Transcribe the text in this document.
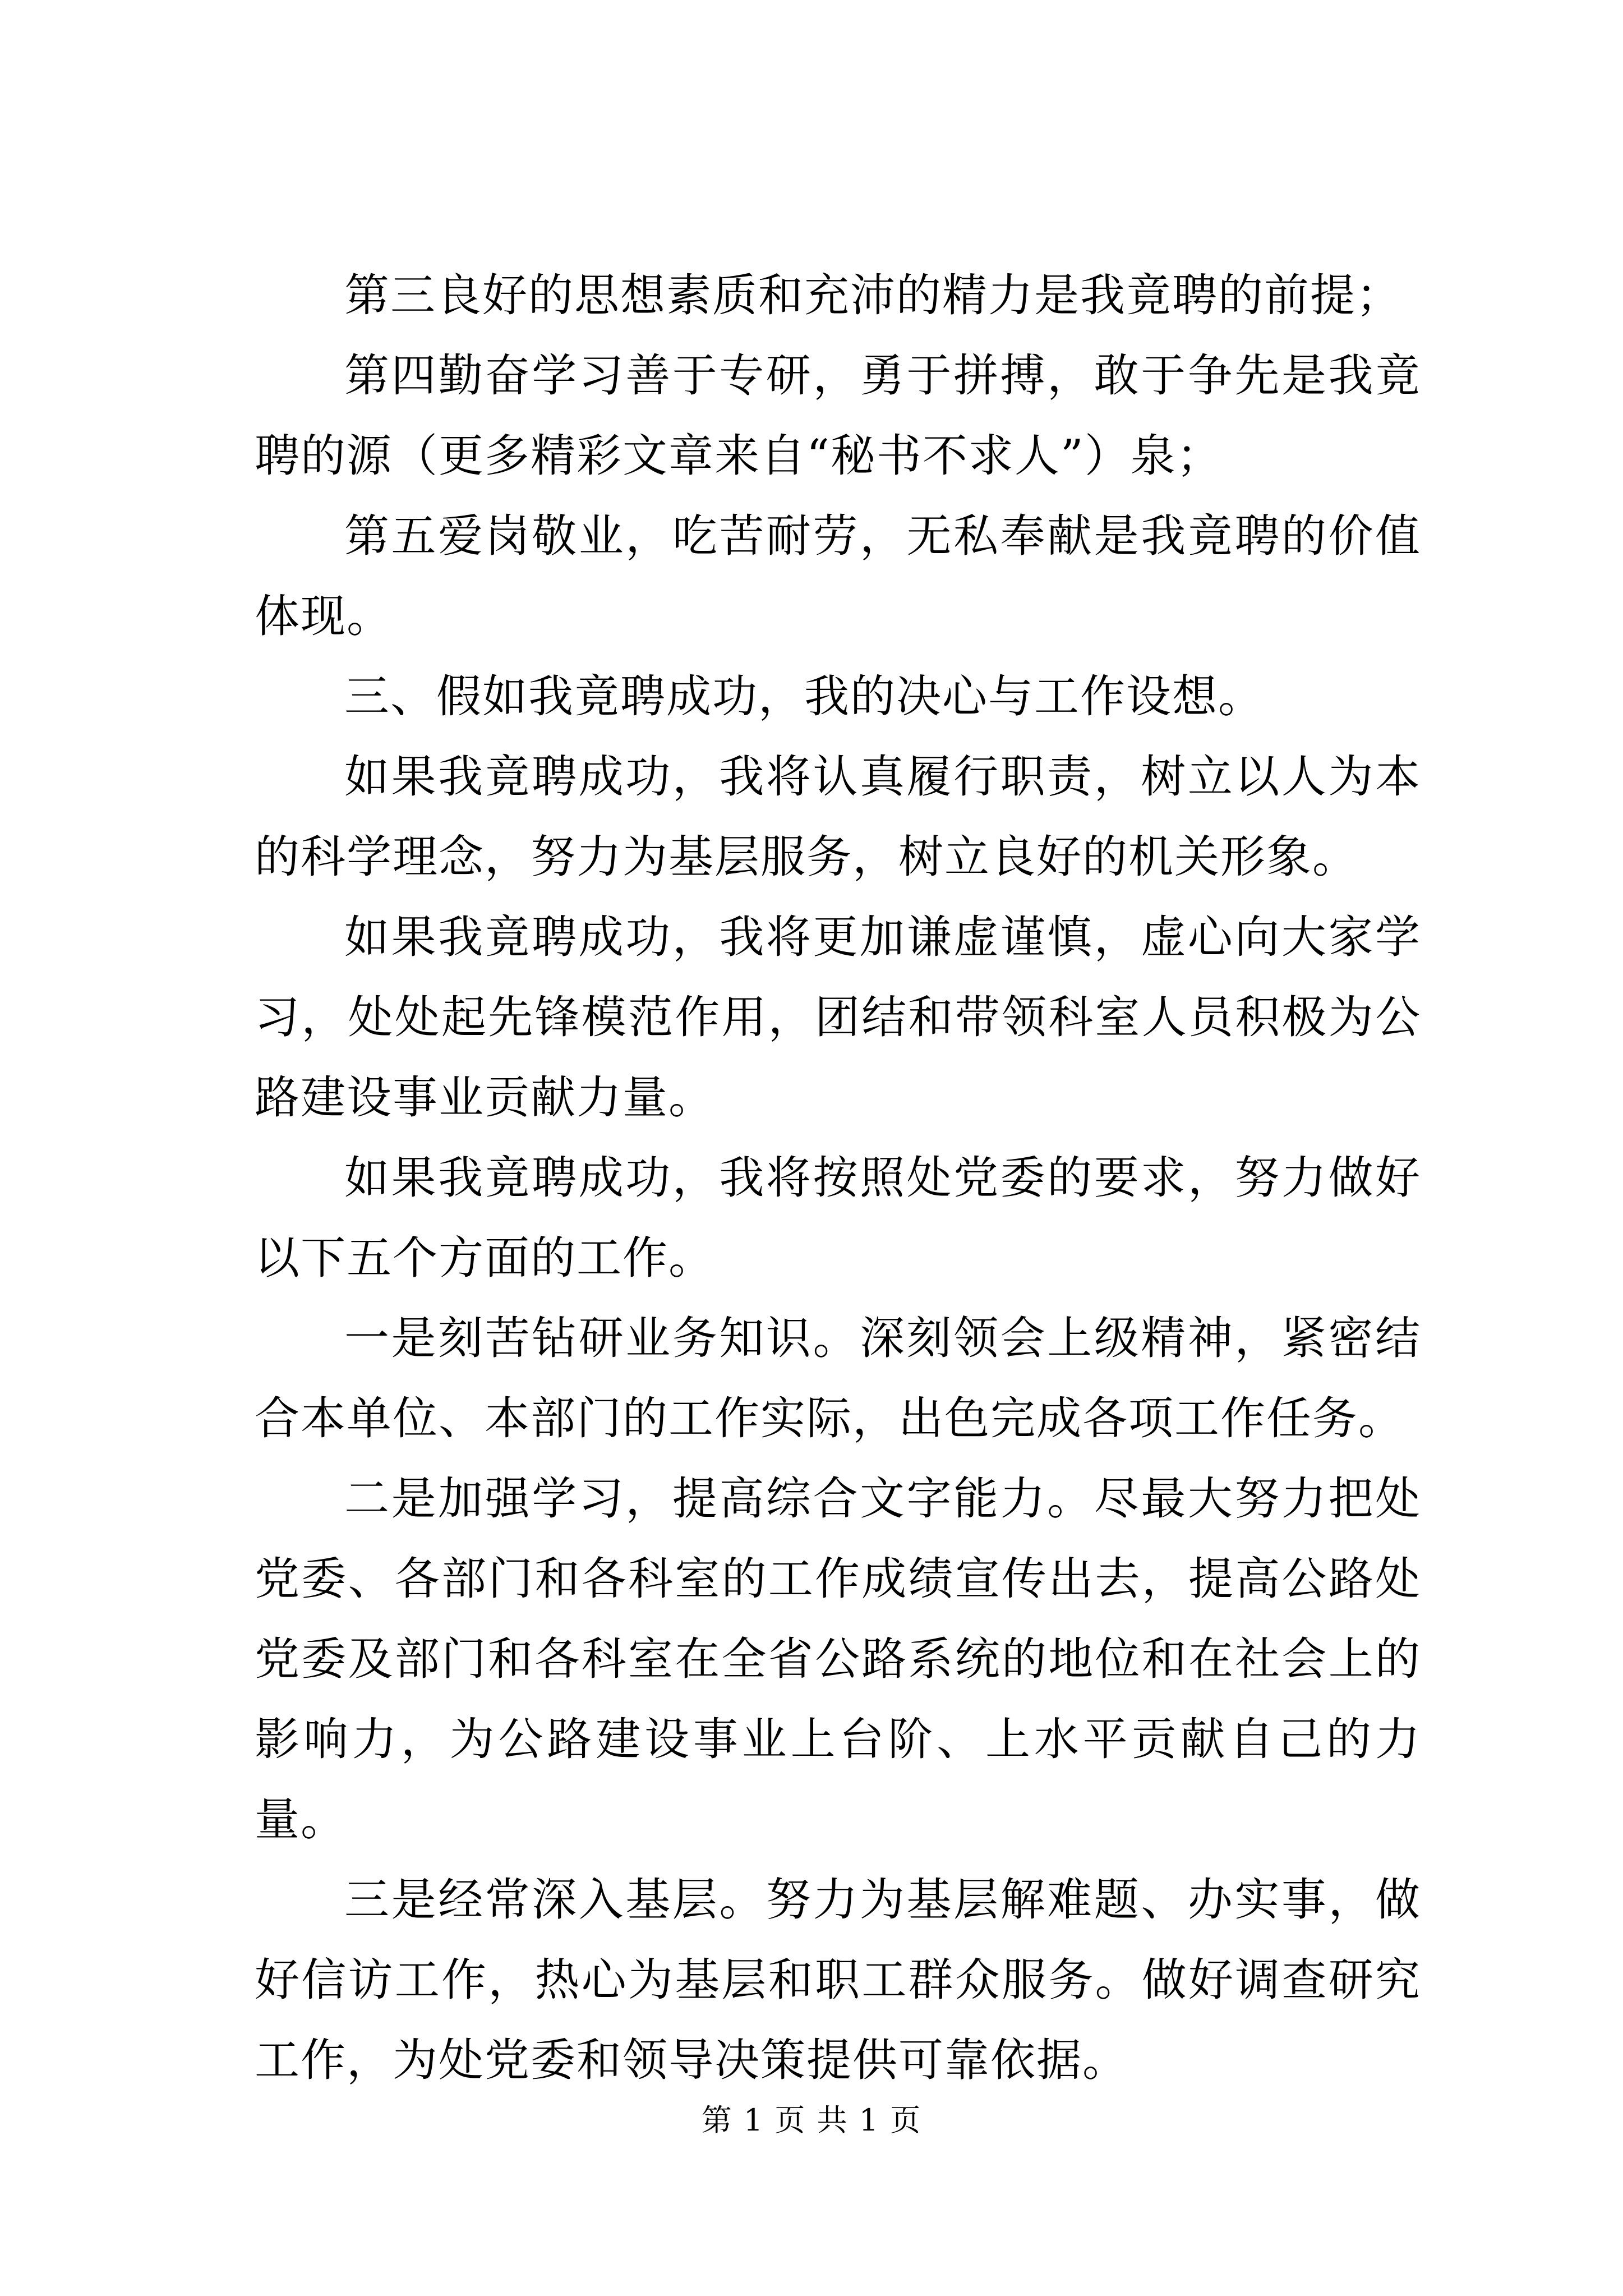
第三良好的思想素质和充沛的精力是我竟聘的前提；

第四勤奋学习善于专研，勇于拼搏，敢于争先是我竟聘的源（更多精彩文章来自“秘书不求人”）泉；

第五爱岗敬业，吃苦耐劳，无私奉献是我竟聘的价值体现。

三、假如我竟聘成功，我的决心与工作设想。

如果我竟聘成功，我将认真履行职责，树立以人为本的科学理念，努力为基层服务，树立良好的机关形象。

如果我竟聘成功，我将更加谦虚谨慎，虚心向大家学习，处处起先锋模范作用，团结和带领科室人员积极为公路建设事业贡献力量。

如果我竟聘成功，我将按照处党委的要求，努力做好以下五个方面的工作。

一是刻苦钻研业务知识。深刻领会上级精神，紧密结合本单位、本部门的工作实际，出色完成各项工作任务。

二是加强学习，提高综合文字能力。尽最大努力把处党委、各部门和各科室的工作成绩宣传出去，提高公路处党委及部门和各科室在全省公路系统的地位和在社会上的影响力，为公路建设事业上台阶、上水平贡献自己的力量。

三是经常深入基层。努力为基层解难题、办实事，做好信访工作，热心为基层和职工群众服务。做好调查研究工作，为处党委和领导决策提供可靠依据。

第 1 页 共 1 页
